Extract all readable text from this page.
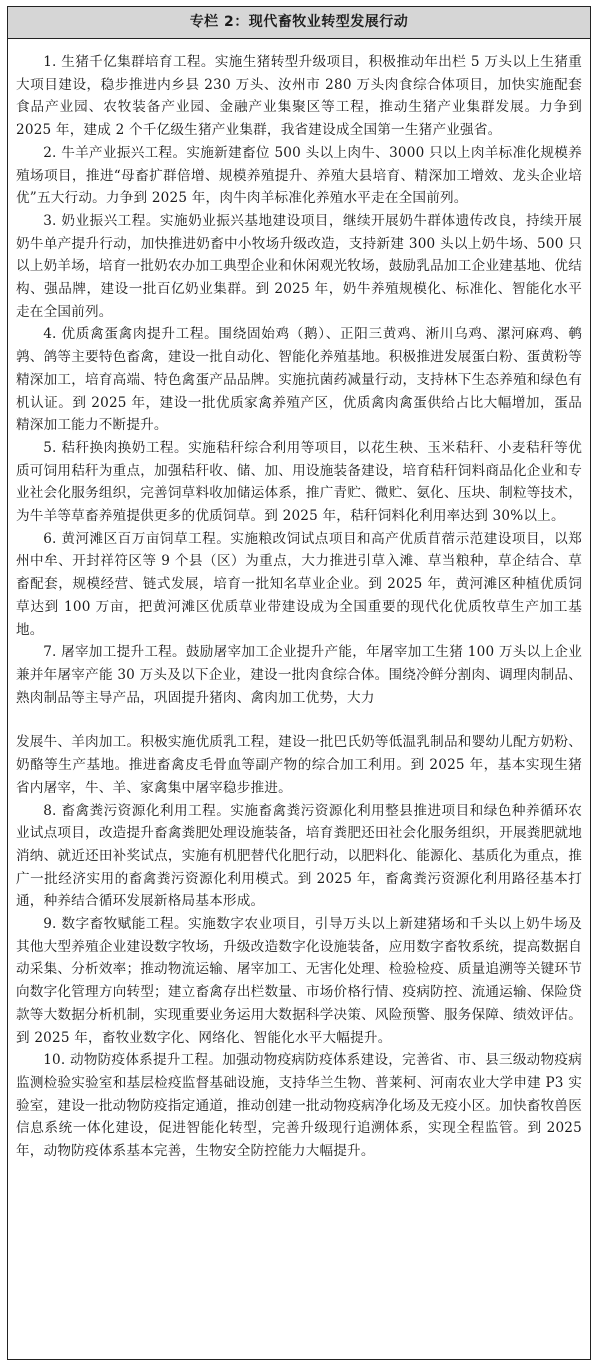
专栏 2：现代畜牧业转型发展行动

1. 生猪千亿集群培育工程。实施生猪转型升级项目，积极推动年出栏 5 万头以上生猪重大项目建设，稳步推进内乡县 230 万头、汝州市 280 万头肉食综合体项目，加快实施配套食品产业园、农牧装备产业园、金融产业集聚区等工程，推动生猪产业集群发展。力争到 2025 年，建成 2 个千亿级生猪产业集群，我省建设成全国第一生猪产业强省。

2. 牛羊产业振兴工程。实施新建畜位 500 头以上肉牛、3000 只以上肉羊标准化规模养殖场项目，推进“母畜扩群倍增、规模养殖提升、养殖大县培育、精深加工增效、龙头企业培优”五大行动。力争到 2025 年，肉牛肉羊标准化养殖水平走在全国前列。

3. 奶业振兴工程。实施奶业振兴基地建设项目，继续开展奶牛群体遗传改良，持续开展奶牛单产提升行动，加快推进奶畜中小牧场升级改造，支持新建 300 头以上奶牛场、500 只以上奶羊场，培育一批奶农办加工典型企业和休闲观光牧场，鼓励乳品加工企业建基地、优结构、强品牌，建设一批百亿奶业集群。到 2025 年，奶牛养殖规模化、标准化、智能化水平走在全国前列。

4. 优质禽蛋禽肉提升工程。围绕固始鸡（鹅）、正阳三黄鸡、淅川乌鸡、漯河麻鸡、鹌鹑、鸽等主要特色畜禽，建设一批自动化、智能化养殖基地。积极推进发展蛋白粉、蛋黄粉等精深加工，培育高端、特色禽蛋产品品牌。实施抗菌药减量行动，支持林下生态养殖和绿色有机认证。到 2025 年，建设一批优质家禽养殖产区，优质禽肉禽蛋供给占比大幅增加，蛋品精深加工能力不断提升。

5. 秸秆换肉换奶工程。实施秸秆综合利用等项目，以花生秧、玉米秸秆、小麦秸秆等优质可饲用秸秆为重点，加强秸秆收、储、加、用设施装备建设，培育秸秆饲料商品化企业和专业社会化服务组织，完善饲草料收加储运体系，推广青贮、微贮、氨化、压块、制粒等技术，为牛羊等草畜养殖提供更多的优质饲草。到 2025 年，秸秆饲料化利用率达到 30%以上。

6. 黄河滩区百万亩饲草工程。实施粮改饲试点项目和高产优质苜蓿示范建设项目，以郑州中牟、开封祥符区等 9 个县（区）为重点，大力推进引草入滩、草当粮种，草企结合、草畜配套，规模经营、链式发展，培育一批知名草业企业。到 2025 年，黄河滩区种植优质饲草达到 100 万亩，把黄河滩区优质草业带建设成为全国重要的现代化优质牧草生产加工基地。

7. 屠宰加工提升工程。鼓励屠宰加工企业提升产能，年屠宰加工生猪 100 万头以上企业兼并年屠宰产能 30 万头及以下企业，建设一批肉食综合体。围绕冷鲜分割肉、调理肉制品、熟肉制品等主导产品，巩固提升猪肉、禽肉加工优势，大力

发展牛、羊肉加工。积极实施优质乳工程，建设一批巴氏奶等低温乳制品和婴幼儿配方奶粉、奶酪等生产基地。推进畜禽皮毛骨血等副产物的综合加工利用。到 2025 年，基本实现生猪省内屠宰，牛、羊、家禽集中屠宰稳步推进。

8. 畜禽粪污资源化利用工程。实施畜禽粪污资源化利用整县推进项目和绿色种养循环农业试点项目，改造提升畜禽粪肥处理设施装备，培育粪肥还田社会化服务组织，开展粪肥就地消纳、就近还田补奖试点，实施有机肥替代化肥行动，以肥料化、能源化、基质化为重点，推广一批经济实用的畜禽粪污资源化利用模式。到 2025 年，畜禽粪污资源化利用路径基本打通，种养结合循环发展新格局基本形成。

9. 数字畜牧赋能工程。实施数字农业项目，引导万头以上新建猪场和千头以上奶牛场及其他大型养殖企业建设数字牧场，升级改造数字化设施装备，应用数字畜牧系统，提高数据自动采集、分析效率；推动物流运输、屠宰加工、无害化处理、检验检疫、质量追溯等关键环节向数字化管理方向转型；建立畜禽存出栏数量、市场价格行情、疫病防控、流通运输、保险贷款等大数据分析机制，实现重要业务运用大数据科学决策、风险预警、服务保障、绩效评估。到 2025 年，畜牧业数字化、网络化、智能化水平大幅提升。

10. 动物防疫体系提升工程。加强动物疫病防疫体系建设，完善省、市、县三级动物疫病监测检验实验室和基层检疫监督基础设施，支持华兰生物、普莱柯、河南农业大学申建 P3 实验室，建设一批动物防疫指定通道，推动创建一批动物疫病净化场及无疫小区。加快畜牧兽医信息系统一体化建设，促进智能化转型，完善升级现行追溯体系，实现全程监管。到 2025 年，动物防疫体系基本完善，生物安全防控能力大幅提升。
